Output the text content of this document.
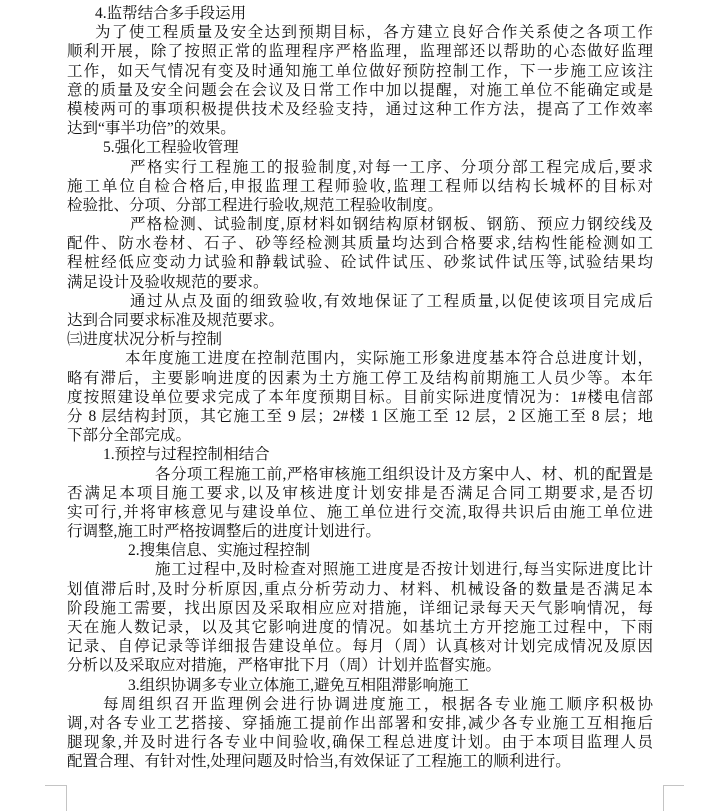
4.监帮结合多手段运用
为了使工程质量及安全达到预期目标，各方建立良好合作关系使之各项工作
顺利开展，除了按照正常的监理程序严格监理，监理部还以帮助的心态做好监理
工作，如天气情况有变及时通知施工单位做好预防控制工作，下一步施工应该注
意的质量及安全问题会在会议及日常工作中加以提醒，对施工单位不能确定或是
模棱两可的事项积极提供技术及经验支持，通过这种工作方法，提高了工作效率
达到“事半功倍”的效果。
5.强化工程验收管理
严格实行工程施工的报验制度,对每一工序、分项分部工程完成后,要求
施工单位自检合格后,申报监理工程师验收,监理工程师以结构长城杯的目标对
检验批、分项、分部工程进行验收,规范工程验收制度。
严格检测、试验制度,原材料如钢结构原材钢板、钢筋、预应力钢绞线及
配件、防水卷材、石子、砂等经检测其质量均达到合格要求,结构性能检测如工
程桩经低应变动力试验和静载试验、砼试件试压、砂浆试件试压等,试验结果均
满足设计及验收规范的要求。
通过从点及面的细致验收,有效地保证了工程质量,以促使该项目完成后
达到合同要求标准及规范要求。
㈢进度状况分析与控制
本年度施工进度在控制范围内，实际施工形象进度基本符合总进度计划，
略有滞后，主要影响进度的因素为土方施工停工及结构前期施工人员少等。本年
度按照建设单位要求完成了本年度预期目标。目前实际进度情况为：1#楼电信部
分 8 层结构封顶，其它施工至 9 层；2#楼 1 区施工至 12 层，2 区施工至 8 层；地
下部分全部完成。
1.预控与过程控制相结合
各分项工程施工前,严格审核施工组织设计及方案中人、材、机的配置是
否满足本项目施工要求,以及审核进度计划安排是否满足合同工期要求,是否切
实可行,并将审核意见与建设单位、施工单位进行交流,取得共识后由施工单位进
行调整,施工时严格按调整后的进度计划进行。
2.搜集信息、实施过程控制
施工过程中,及时检查对照施工进度是否按计划进行,每当实际进度比计
划值滞后时,及时分析原因,重点分析劳动力、材料、机械设备的数量是否满足本
阶段施工需要，找出原因及采取相应应对措施，详细记录每天天气影响情况，每
天在施人数记录，以及其它影响进度的情况。如基坑土方开挖施工过程中，下雨
记录、自停记录等详细报告建设单位。每月（周）认真核对计划完成情况及原因
分析以及采取应对措施，严格审批下月（周）计划并监督实施。
3.组织协调多专业立体施工,避免互相阻滞影响施工
每周组织召开监理例会进行协调进度施工，根据各专业施工顺序积极协
调,对各专业工艺搭接、穿插施工提前作出部署和安排,减少各专业施工互相拖后
腿现象,并及时进行各专业中间验收,确保工程总进度计划。由于本项目监理人员
配置合理、有针对性,处理问题及时恰当,有效保证了工程施工的顺利进行。
